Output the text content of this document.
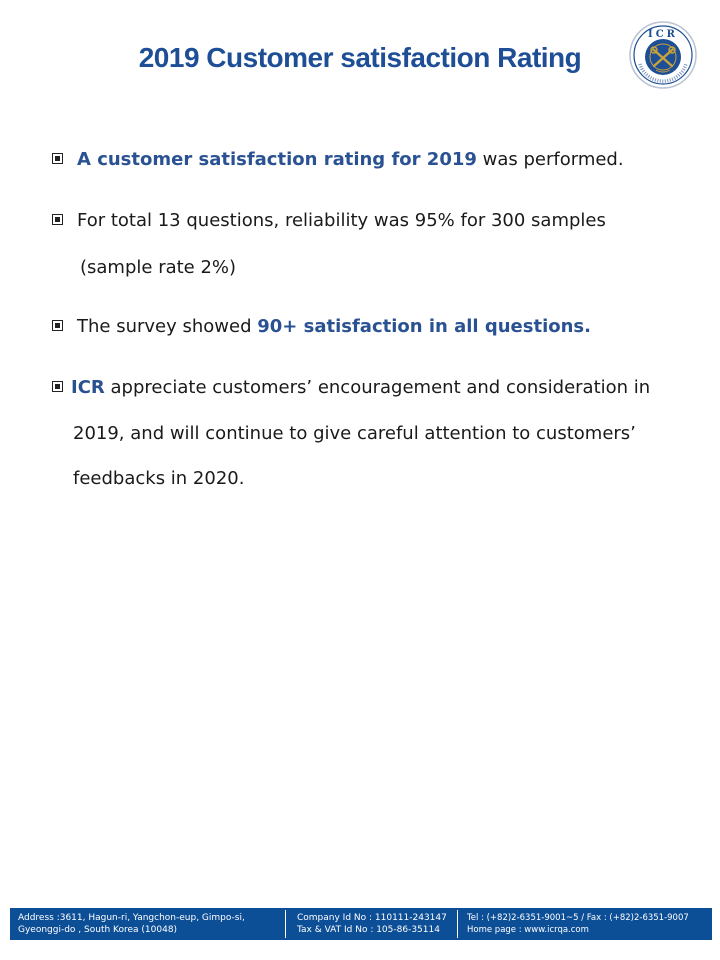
2019 Customer satisfaction Rating
ICR
A customer satisfaction rating for 2019 was performed.
For total 13 questions, reliability was 95% for 300 samples
(sample rate 2%)
The survey showed 90+ satisfaction in all questions.
ICR appreciate customers’ encouragement and consideration in
2019, and will continue to give careful attention to customers’
feedbacks in 2020.
Address :3611, Hagun-ri, Yangchon-eup, Gimpo-si,
Gyeonggi-do , South Korea (10048)
Company Id No : 110111-243147
Tax & VAT Id No : 105-86-35114
Tel : (+82)2-6351-9001~5 / Fax : (+82)2-6351-9007
Home page : www.icrqa.com
